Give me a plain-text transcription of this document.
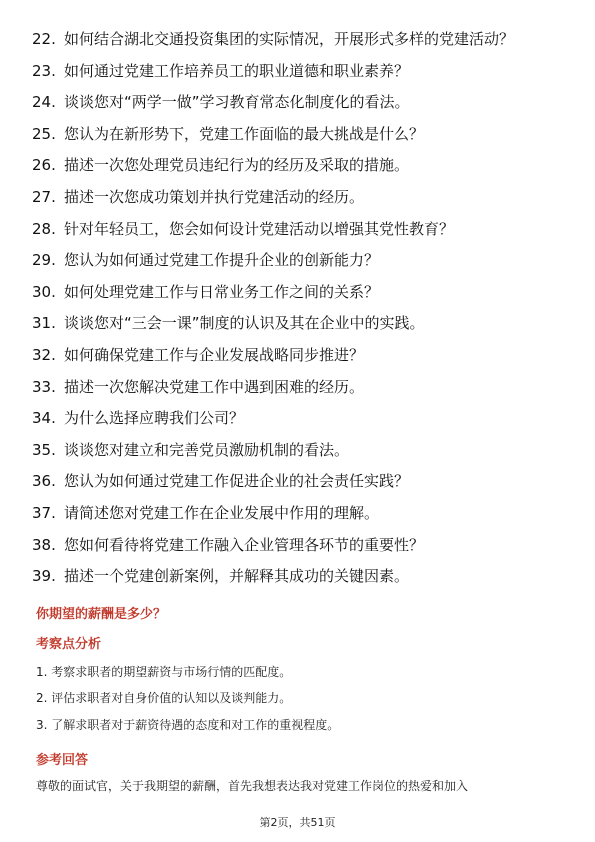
22. 如何结合湖北交通投资集团的实际情况，开展形式多样的党建活动？
23. 如何通过党建工作培养员工的职业道德和职业素养？
24. 谈谈您对“两学一做”学习教育常态化制度化的看法。
25. 您认为在新形势下，党建工作面临的最大挑战是什么？
26. 描述一次您处理党员违纪行为的经历及采取的措施。
27. 描述一次您成功策划并执行党建活动的经历。
28. 针对年轻员工，您会如何设计党建活动以增强其党性教育？
29. 您认为如何通过党建工作提升企业的创新能力？
30. 如何处理党建工作与日常业务工作之间的关系？
31. 谈谈您对“三会一课”制度的认识及其在企业中的实践。
32. 如何确保党建工作与企业发展战略同步推进？
33. 描述一次您解决党建工作中遇到困难的经历。
34. 为什么选择应聘我们公司？
35. 谈谈您对建立和完善党员激励机制的看法。
36. 您认为如何通过党建工作促进企业的社会责任实践？
37. 请简述您对党建工作在企业发展中作用的理解。
38. 您如何看待将党建工作融入企业管理各环节的重要性？
39. 描述一个党建创新案例，并解释其成功的关键因素。
你期望的薪酬是多少？
考察点分析
1. 考察求职者的期望薪资与市场行情的匹配度。
2. 评估求职者对自身价值的认知以及谈判能力。
3. 了解求职者对于薪资待遇的态度和对工作的重视程度。
参考回答
尊敬的面试官，关于我期望的薪酬，首先我想表达我对党建工作岗位的热爱和加入
第2页，共51页
